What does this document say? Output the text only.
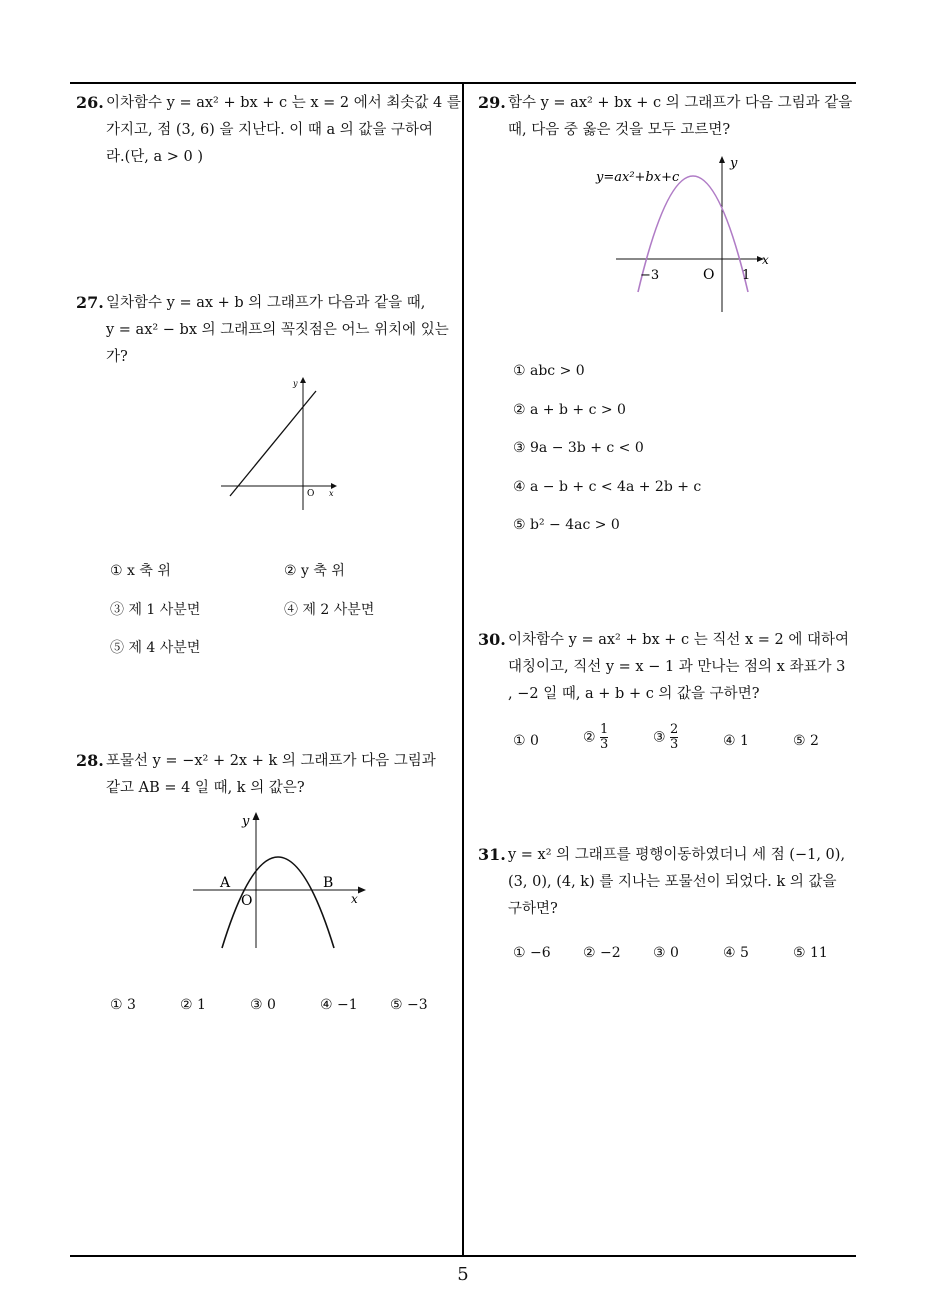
26. 이차함수 y = ax² + bx + c 는 x = 2 에서 최솟값 4 를
가지고, 점 (3, 6) 을 지난다. 이 때 a 의 값을 구하여
라.(단, a > 0 )
27. 일차함수 y = ax + b 의 그래프가 다음과 같을 때,
y = ax² − bx 의 그래프의 꼭짓점은 어느 위치에 있는
가?
y
x
O
① x 축 위	② y 축 위
③ 제 1 사분면	④ 제 2 사분면
⑤ 제 4 사분면
28. 포물선 y = −x² + 2x + k 의 그래프가 다음 그림과
같고 AB = 4 일 때, k 의 값은?
y
x
O
A	B
① 3	② 1	③ 0	④ −1 ⑤ −3
29. 함수 y = ax² + bx + c 의 그래프가 다음 그림과 같을
때, 다음 중 옳은 것을 모두 고르면?
y=ax²+bx+c
y
x
O
−3	1
① abc > 0
② a + b + c > 0
③ 9a − 3b + c < 0
④ a − b + c < 4a + 2b + c
⑤ b² − 4ac > 0
30. 이차함수 y = ax² + bx + c 는 직선 x = 2 에 대하여
대칭이고, 직선 y = x − 1 과 만나는 점의 x 좌표가 3
, −2 일 때, a + b + c 의 값을 구하면?
① 0	② $\frac{1}{3}$	③ $\frac{2}{3}$	④ 1	⑤ 2
31. y = x² 의 그래프를 평행이동하였더니 세 점 (−1, 0),
(3, 0), (4, k) 를 지나는 포물선이 되었다. k 의 값을
구하면?
① −6 ② −2 ③ 0	④ 5	⑤ 11
5
